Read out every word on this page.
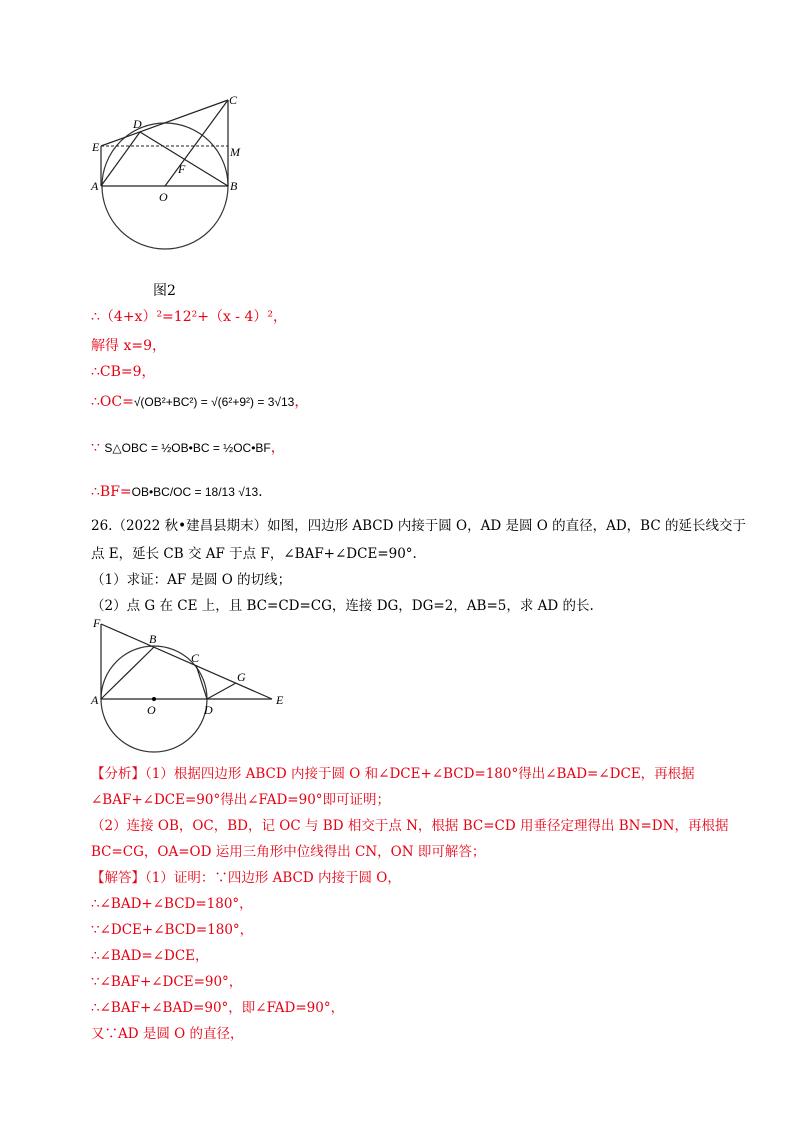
E
D
C
M
F
A
O
B
图2
∴（4+x）²=12²+（x - 4）²，
解得 x=9，
∴CB=9，
∴OC=√(OB²+BC²) = √(6²+9²) = 3√13，
∵ S△OBC = ½OB•BC = ½OC•BF，
∴BF=OB•BC/OC = 18/13 √13.
26.（2022 秋•建昌县期末）如图，四边形 ABCD 内接于圆 O，AD 是圆 O 的直径，AD，BC 的延长线交于
点 E，延长 CB 交 AF 于点 F，∠BAF+∠DCE=90°.
（1）求证：AF 是圆 O 的切线；
（2）点 G 在 CE 上，且 BC=CD=CG，连接 DG，DG=2，AB=5，求 AD 的长.
F
B
C
G
A
O	D
E
【分析】（1）根据四边形 ABCD 内接于圆 O 和∠DCE+∠BCD=180°得出∠BAD=∠DCE，再根据
∠BAF+∠DCE=90°得出∠FAD=90°即可证明；
（2）连接 OB，OC，BD，记 OC 与 BD 相交于点 N，根据 BC=CD 用垂径定理得出 BN=DN，再根据
BC=CG，OA=OD 运用三角形中位线得出 CN，ON 即可解答；
【解答】（1）证明：∵四边形 ABCD 内接于圆 O，
∴∠BAD+∠BCD=180°，
∵∠DCE+∠BCD=180°，
∴∠BAD=∠DCE，
∵∠BAF+∠DCE=90°，
∴∠BAF+∠BAD=90°，即∠FAD=90°，
又∵AD 是圆 O 的直径，
